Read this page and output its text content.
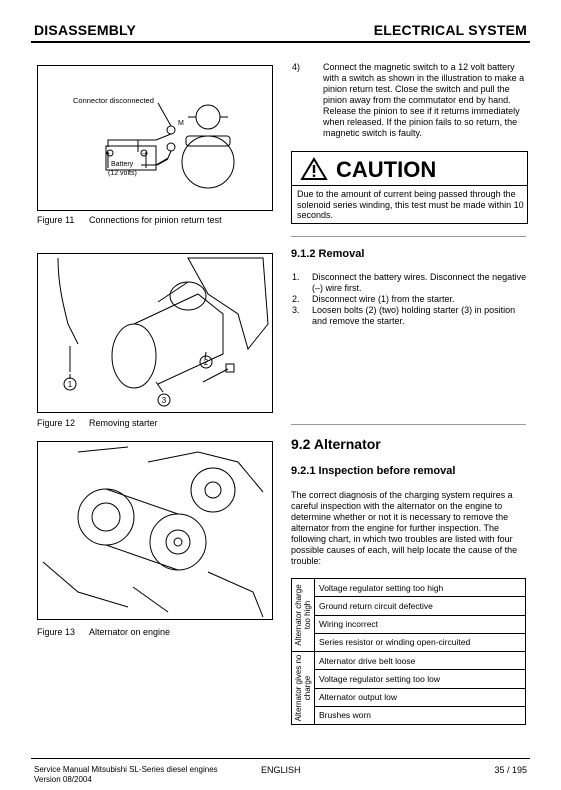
DISASSEMBLY	ELECTRICAL SYSTEM
+	−
Connector disconnected
M
Battery
(12 volts)
Figure 11 Connections for pinion return test
1
2
3
Figure 12 Removing starter
Figure 13 Alternator on engine
4)	Connect the magnetic switch to a 12 volt battery with a switch as shown in the illustration to make a pinion return test. Close the switch and pull the pinion away from the commutator end by hand. Release the pinion to see if it returns immediately when released. If the pinion fails to so return, the magnetic switch is faulty.
CAUTION
Due to the amount of current being passed through the solenoid series winding, this test must be made within 10 seconds.
9.1.2 Removal
1. Disconnect the battery wires. Disconnect the negative (–) wire first.
2. Disconnect wire (1) from the starter.
3. Loosen bolts (2) (two) holding starter (3) in position and remove the starter.
9.2 Alternator
9.2.1 Inspection before removal
The correct diagnosis of the charging system requires a careful inspection with the alternator on the engine to determine whether or not it is necessary to remove the alternator from the engine for further inspection. The following chart, in which two troubles are listed with four possible causes of each, will help locate the cause of the trouble:
Alternator charge too high	Voltage regulator setting too high
	Ground return circuit defective
	Wiring incorrect
	Series resistor or winding open-circuited

Alternator gives no charge	Alternator drive belt loose
	Voltage regulator setting too low
	Alternator output low
	Brushes worn
Service Manual Mitsubishi SL-Series diesel engines
Version 08/2004
ENGLISH	35 / 195
